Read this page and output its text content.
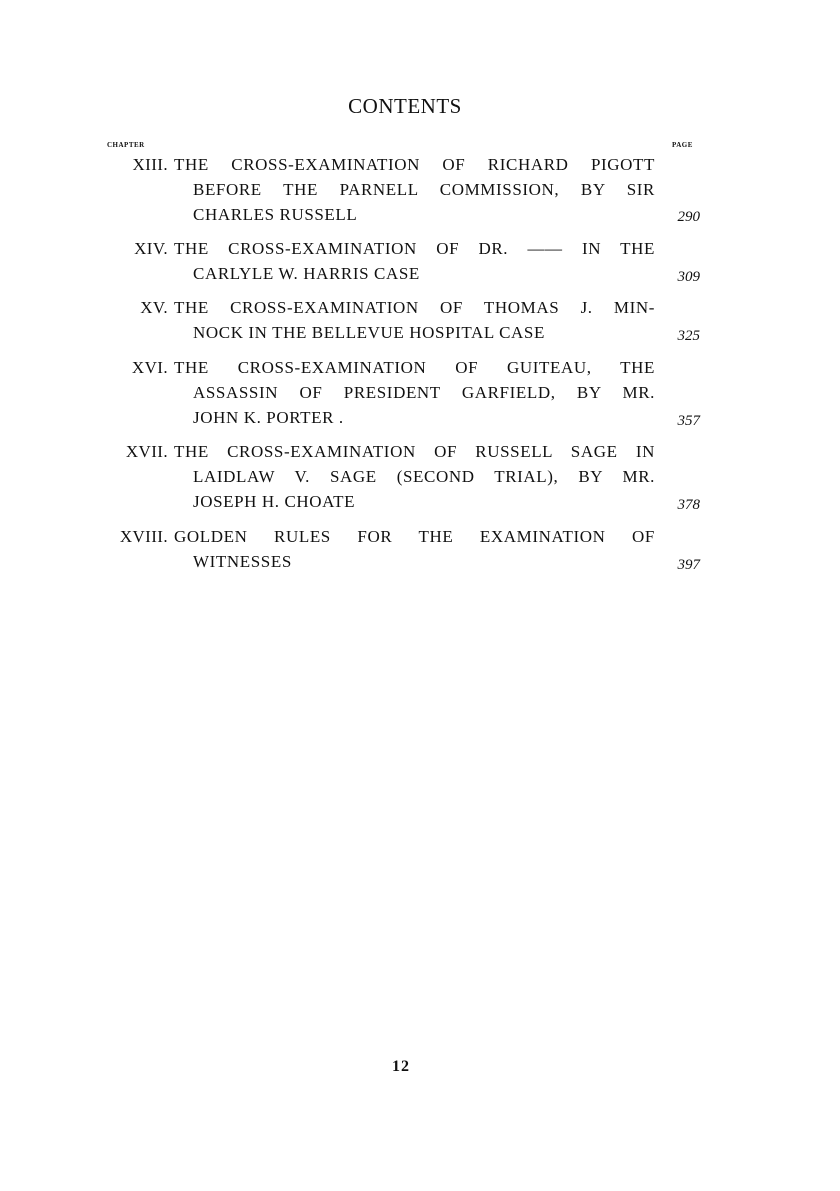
CONTENTS
CHAPTER	PAGE
XIII. THE CROSS-EXAMINATION OF RICHARD PIGOTT
BEFORE THE PARNELL COMMISSION, BY SIR
CHARLES RUSSELL	290
XIV. THE CROSS-EXAMINATION OF DR. —— IN THE
CARLYLE W. HARRIS CASE	309
XV. THE CROSS-EXAMINATION OF THOMAS J. MIN-
NOCK IN THE BELLEVUE HOSPITAL CASE	325
XVI. THE CROSS-EXAMINATION OF GUITEAU, THE
ASSASSIN OF PRESIDENT GARFIELD, BY MR.
JOHN K. PORTER .	357
XVII. THE CROSS-EXAMINATION OF RUSSELL SAGE IN
LAIDLAW V. SAGE (SECOND TRIAL), BY MR.
JOSEPH H. CHOATE	378
XVIII. GOLDEN RULES FOR THE EXAMINATION OF
WITNESSES	397
12
